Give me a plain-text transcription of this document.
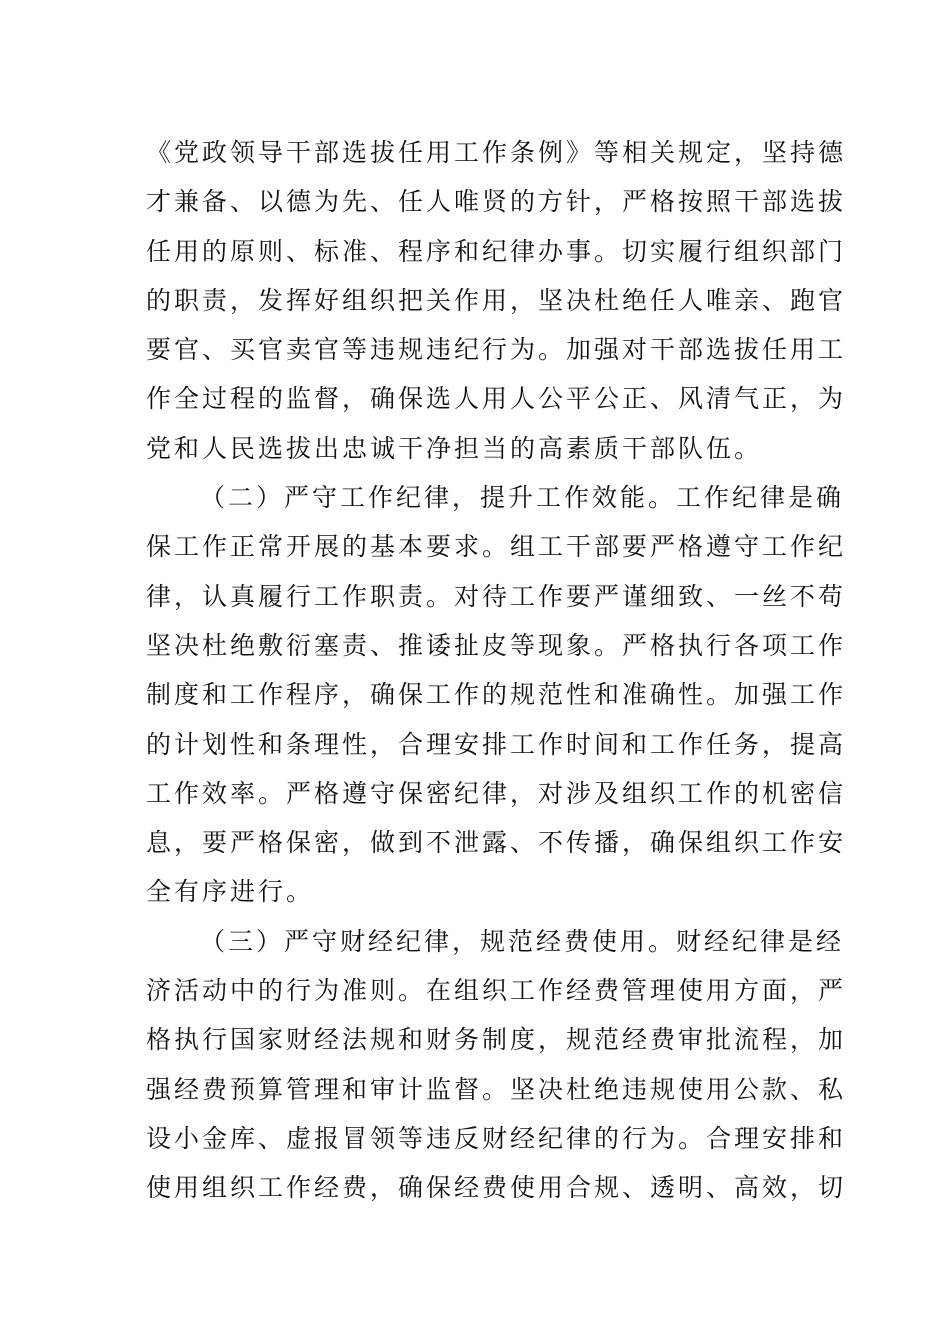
《党政领导干部选拔任用工作条例》等相关规定，坚持德
才兼备、以德为先、任人唯贤的方针，严格按照干部选拔
任用的原则、标准、程序和纪律办事。切实履行组织部门
的职责，发挥好组织把关作用，坚决杜绝任人唯亲、跑官
要官、买官卖官等违规违纪行为。加强对干部选拔任用工
作全过程的监督，确保选人用人公平公正、风清气正，为
党和人民选拔出忠诚干净担当的高素质干部队伍。
（二）严守工作纪律，提升工作效能。工作纪律是确
保工作正常开展的基本要求。组工干部要严格遵守工作纪
律，认真履行工作职责。对待工作要严谨细致、一丝不苟
坚决杜绝敷衍塞责、推诿扯皮等现象。严格执行各项工作
制度和工作程序，确保工作的规范性和准确性。加强工作
的计划性和条理性，合理安排工作时间和工作任务，提高
工作效率。严格遵守保密纪律，对涉及组织工作的机密信
息，要严格保密，做到不泄露、不传播，确保组织工作安
全有序进行。
（三）严守财经纪律，规范经费使用。财经纪律是经
济活动中的行为准则。在组织工作经费管理使用方面，严
格执行国家财经法规和财务制度，规范经费审批流程，加
强经费预算管理和审计监督。坚决杜绝违规使用公款、私
设小金库、虚报冒领等违反财经纪律的行为。合理安排和
使用组织工作经费，确保经费使用合规、透明、高效，切
